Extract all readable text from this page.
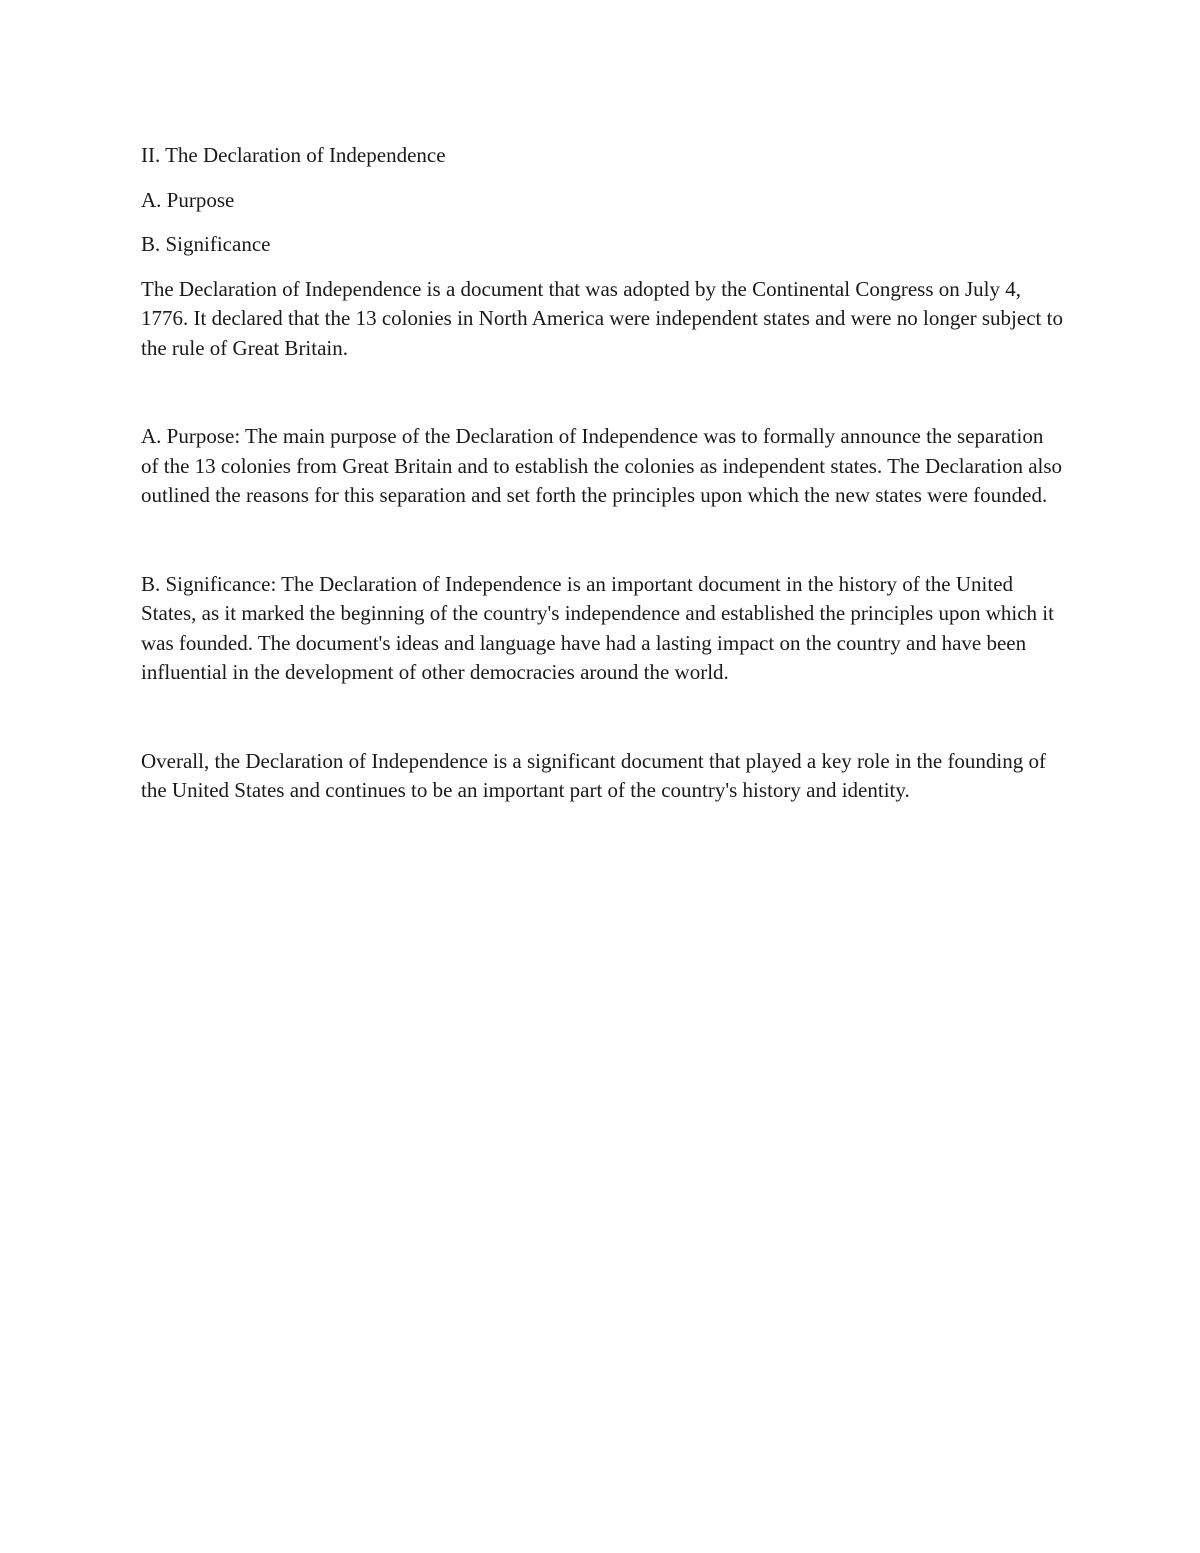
II. The Declaration of Independence

A. Purpose

B. Significance

The Declaration of Independence is a document that was adopted by the Continental Congress on July 4, 1776. It declared that the 13 colonies in North America were independent states and were no longer subject to the rule of Great Britain.

A. Purpose: The main purpose of the Declaration of Independence was to formally announce the separation of the 13 colonies from Great Britain and to establish the colonies as independent states. The Declaration also outlined the reasons for this separation and set forth the principles upon which the new states were founded.

B. Significance: The Declaration of Independence is an important document in the history of the United States, as it marked the beginning of the country's independence and established the principles upon which it was founded. The document's ideas and language have had a lasting impact on the country and have been influential in the development of other democracies around the world.

Overall, the Declaration of Independence is a significant document that played a key role in the founding of the United States and continues to be an important part of the country's history and identity.
